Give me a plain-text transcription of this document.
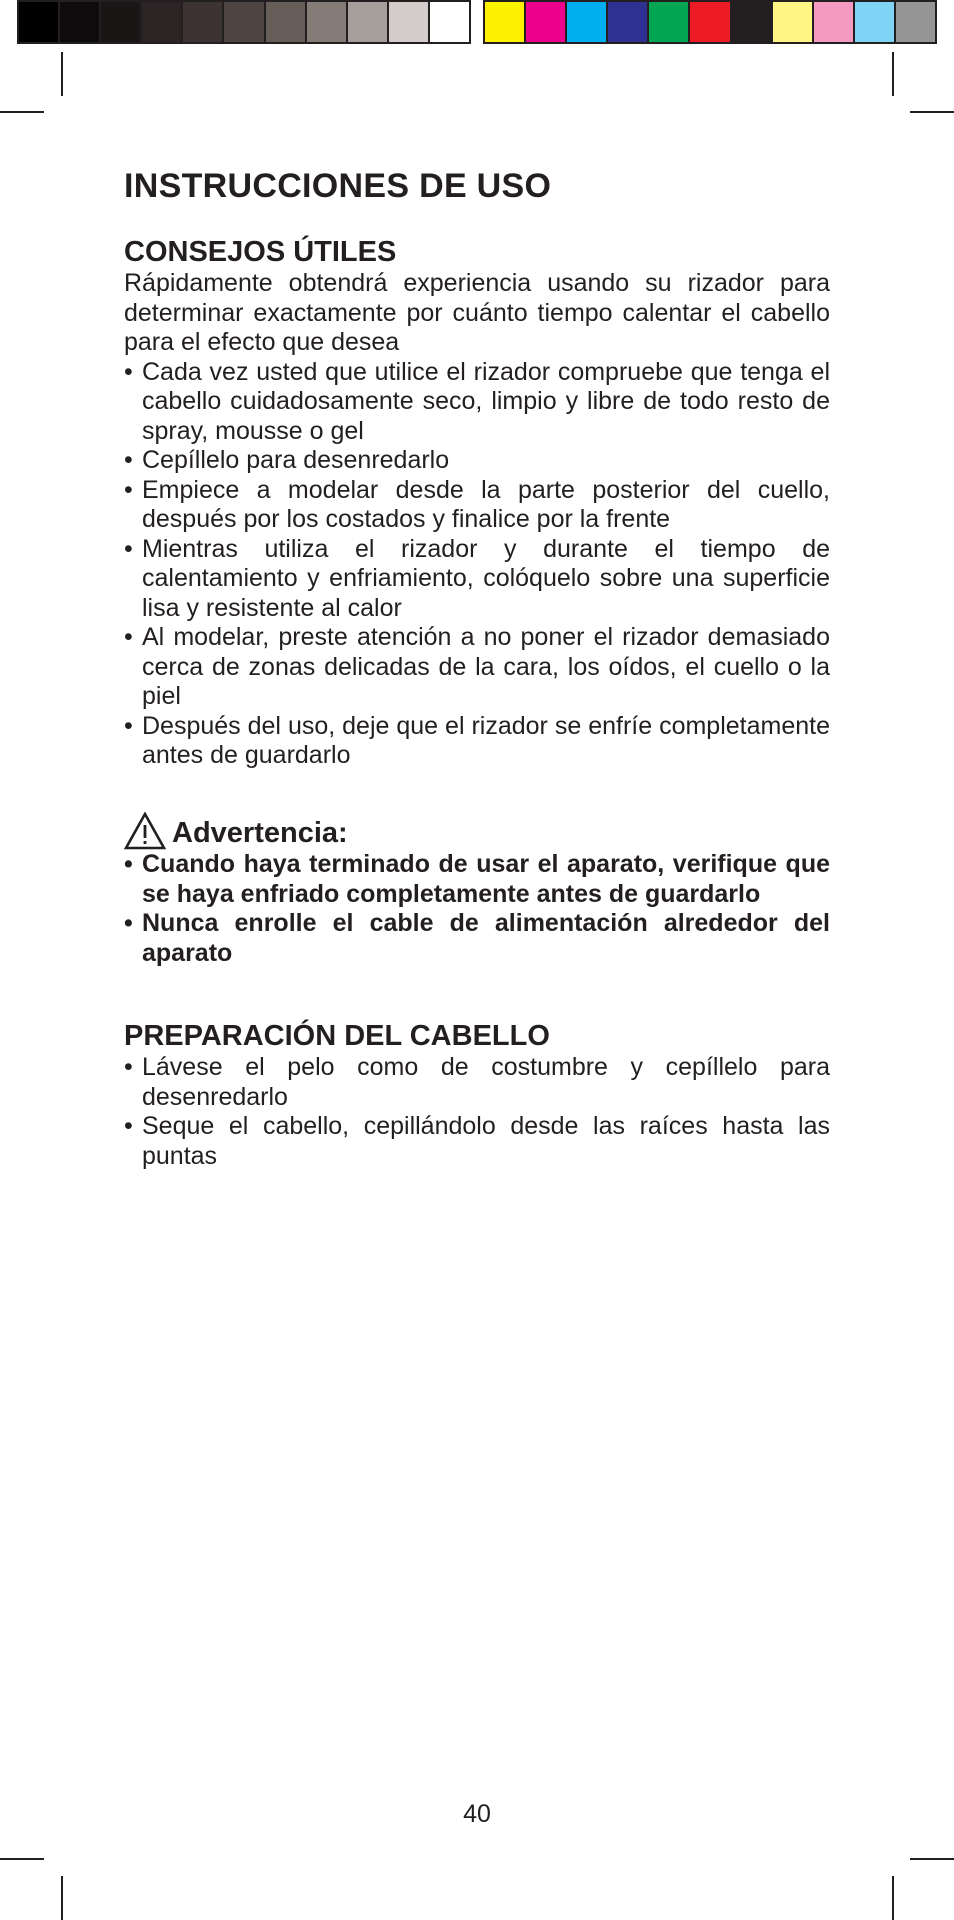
INSTRUCCIONES DE USO
CONSEJOS ÚTILES

Rápidamente obtendrá experiencia usando su rizador para determinar exactamente por cuánto tiempo calentar el cabello para el efecto que desea

• Cada vez usted que utilice el rizador compruebe que tenga el cabello cuidadosamente seco, limpio y libre de todo resto de spray, mousse o gel
• Cepíllelo para desenredarlo
• Empiece a modelar desde la parte posterior del cuello, después por los costados y finalice por la frente
• Mientras utiliza el rizador y durante el tiempo de calentamiento y enfriamiento, colóquelo sobre una superficie lisa y resistente al calor
• Al modelar, preste atención a no poner el rizador demasiado cerca de zonas delicadas de la cara, los oídos, el cuello o la piel
• Después del uso, deje que el rizador se enfríe completamente antes de guardarlo
Advertencia:
• Cuando haya terminado de usar el aparato, verifique que se haya enfriado completamente antes de guardarlo
• Nunca enrolle el cable de alimentación alrededor del aparato
PREPARACIÓN DEL CABELLO
• Lávese el pelo como de costumbre y cepíllelo para desenredarlo
• Seque el cabello, cepillándolo desde las raíces hasta las puntas
40
